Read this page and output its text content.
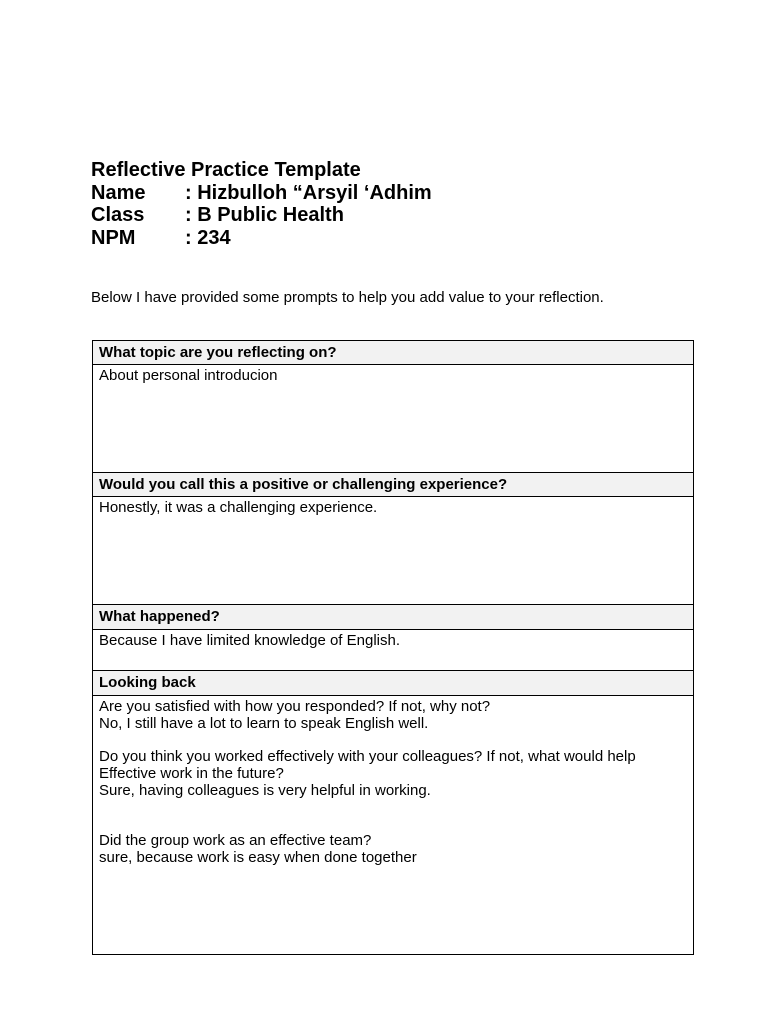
Reflective Practice Template
Name	: Hizbulloh “Arsyil ‘Adhim
Class	: B Public Health
NPM	: 234
Below I have provided some prompts to help you add value to your reflection.
What topic are you reflecting on?
About personal introducion
Would you call this a positive or challenging experience?
Honestly, it was a challenging experience.
What happened?
Because I have limited knowledge of English.
Looking back
Are you satisfied with how you responded? If not, why not?
No, I still have a lot to learn to speak English well.
Do you think you worked effectively with your colleagues? If not, what would help
Effective work in the future?
Sure, having colleagues is very helpful in working.
Did the group work as an effective team?
sure, because work is easy when done together
